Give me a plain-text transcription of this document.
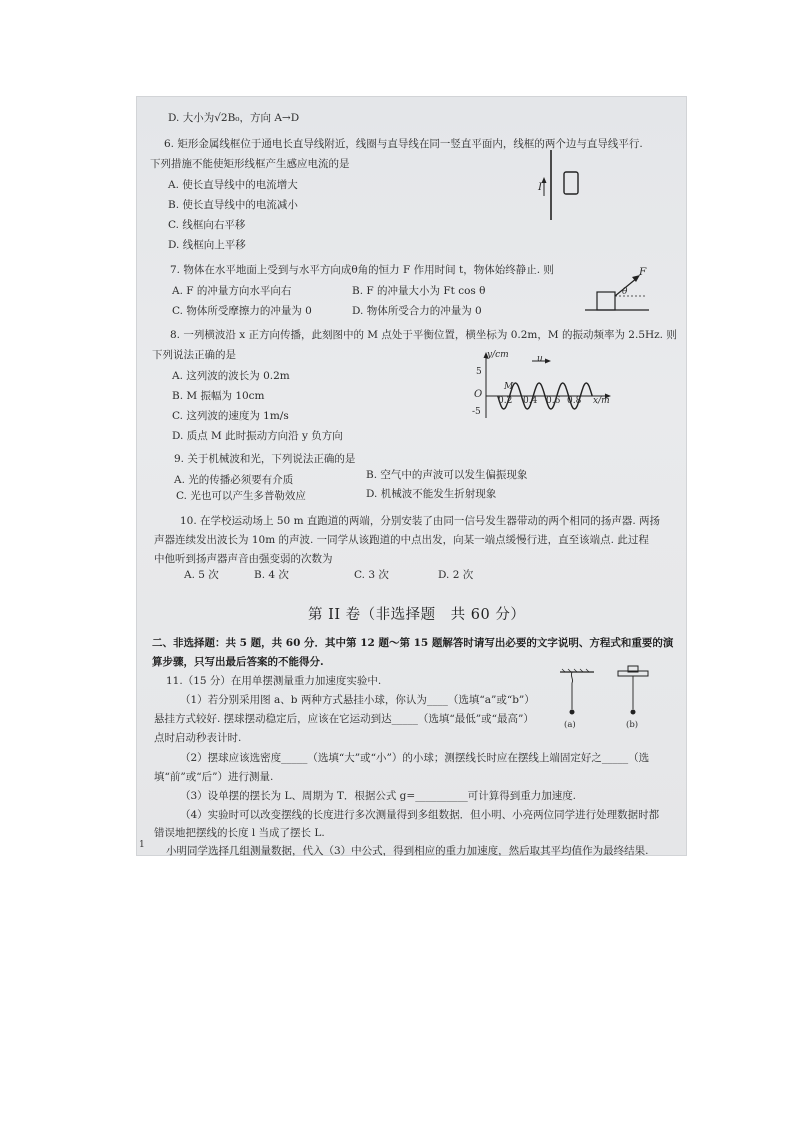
D. 大小为√2B₀，方向 A→D
6. 矩形金属线框位于通电长直导线附近，线圈与直导线在同一竖直平面内，线框的两个边与直导线平行.
下列措施不能使矩形线框产生感应电流的是
A. 使长直导线中的电流增大
B. 使长直导线中的电流减小
C. 线框向右平移
D. 线框向上平移
I
7. 物体在水平地面上受到与水平方向成θ角的恒力 F 作用时间 t，物体始终静止. 则
A. F 的冲量方向水平向右	B. F 的冲量大小为 Ft cos θ
C. 物体所受摩擦力的冲量为 0	D. 物体所受合力的冲量为 0
F
θ
8. 一列横波沿 x 正方向传播，此刻图中的 M 点处于平衡位置，横坐标为 0.2m，M 的振动频率为 2.5Hz. 则
下列说法正确的是
A. 这列波的波长为 0.2m
B. M 振幅为 10cm
C. 这列波的速度为 1m/s
D. 质点 M 此时振动方向沿 y 负方向
y/cm	u
5
-5
O
M
0.2 0.4 0.6 0.8 x/m
9. 关于机械波和光，下列说法正确的是
A. 光的传播必须要有介质	B. 空气中的声波可以发生偏振现象
C. 光也可以产生多普勒效应	D. 机械波不能发生折射现象
10. 在学校运动场上 50 m 直跑道的两端，分别安装了由同一信号发生器带动的两个相同的扬声器. 两扬
声器连续发出波长为 10m 的声波. 一同学从该跑道的中点出发，向某一端点缓慢行进，直至该端点. 此过程
中他听到扬声器声音由强变弱的次数为
A. 5 次	B. 4 次	C. 3 次	D. 2 次
第 II 卷（非选择题　共 60 分）
二、非选择题：共 5 题，共 60 分．其中第 12 题～第 15 题解答时请写出必要的文字说明、方程式和重要的演
算步骤，只写出最后答案的不能得分.
11.（15 分）在用单摆测量重力加速度实验中.
（1）若分别采用图 a、b 两种方式悬挂小球，你认为____（选填“a”或“b”）
悬挂方式较好. 摆球摆动稳定后，应该在它运动到达_____（选填“最低”或“最高”）
点时启动秒表计时.
（2）摆球应该选密度_____（选填“大”或“小”）的小球；测摆线长时应在摆线上端固定好之_____（选
填“前”或“后”）进行测量.
（3）设单摆的摆长为 L、周期为 T．根据公式 g=__________可计算得到重力加速度.
（4）实验时可以改变摆线的长度进行多次测量得到多组数据．但小明、小亮两位同学进行处理数据时都
错误地把摆线的长度 l 当成了摆长 L.
小明同学选择几组测量数据，代入（3）中公式，得到相应的重力加速度，然后取其平均值作为最终结果.
(a)	(b)
1
